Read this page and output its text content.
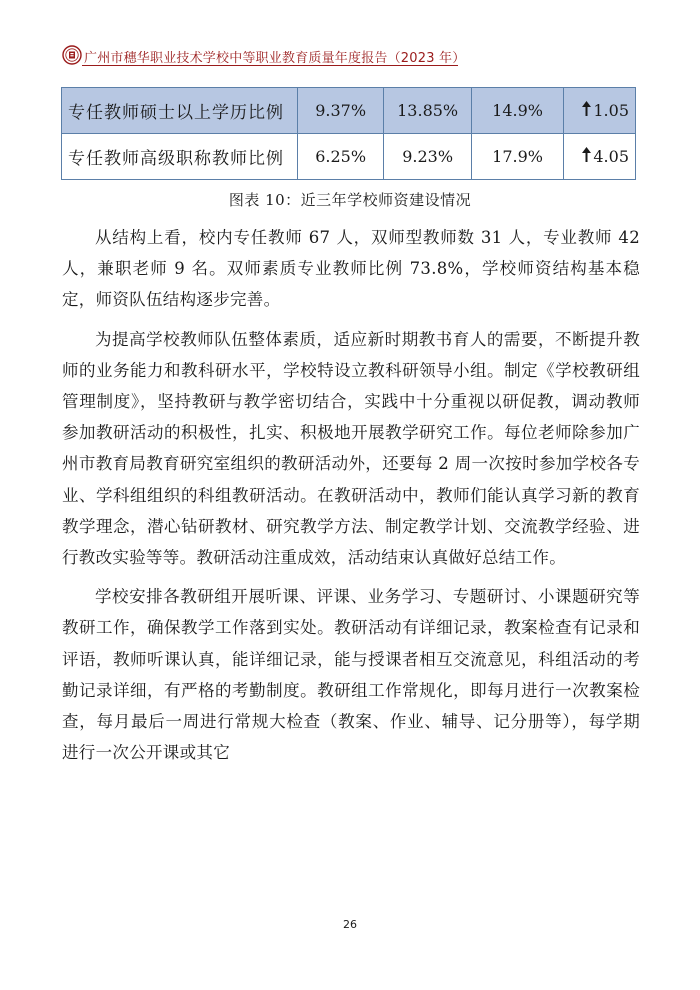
广州市穗华职业技术学校中等职业教育质量年度报告（2023 年）
专任教师硕士以上学历比例	9.37%	13.85%	14.9%	1.05
专任教师高级职称教师比例	6.25%	9.23%	17.9%	4.05
图表 10：近三年学校师资建设情况

从结构上看，校内专任教师 67 人，双师型教师数 31 人，专业教师 42 人，兼职老师 9 名。双师素质专业教师比例 73.8%，学校师资结构基本稳定，师资队伍结构逐步完善。

为提高学校教师队伍整体素质，适应新时期教书育人的需要，不断提升教师的业务能力和教科研水平，学校特设立教科研领导小组。制定《学校教研组管理制度》，坚持教研与教学密切结合，实践中十分重视以研促教，调动教师参加教研活动的积极性，扎实、积极地开展教学研究工作。每位老师除参加广州市教育局教育研究室组织的教研活动外，还要每 2 周一次按时参加学校各专业、学科组组织的科组教研活动。在教研活动中，教师们能认真学习新的教育教学理念，潜心钻研教材、研究教学方法、制定教学计划、交流教学经验、进行教改实验等等。教研活动注重成效，活动结束认真做好总结工作。

学校安排各教研组开展听课、评课、业务学习、专题研讨、小课题研究等教研工作，确保教学工作落到实处。教研活动有详细记录，教案检查有记录和评语，教师听课认真，能详细记录，能与授课者相互交流意见，科组活动的考勤记录详细，有严格的考勤制度。教研组工作常规化，即每月进行一次教案检查，每月最后一周进行常规大检查（教案、作业、辅导、记分册等），每学期进行一次公开课或其它

26
